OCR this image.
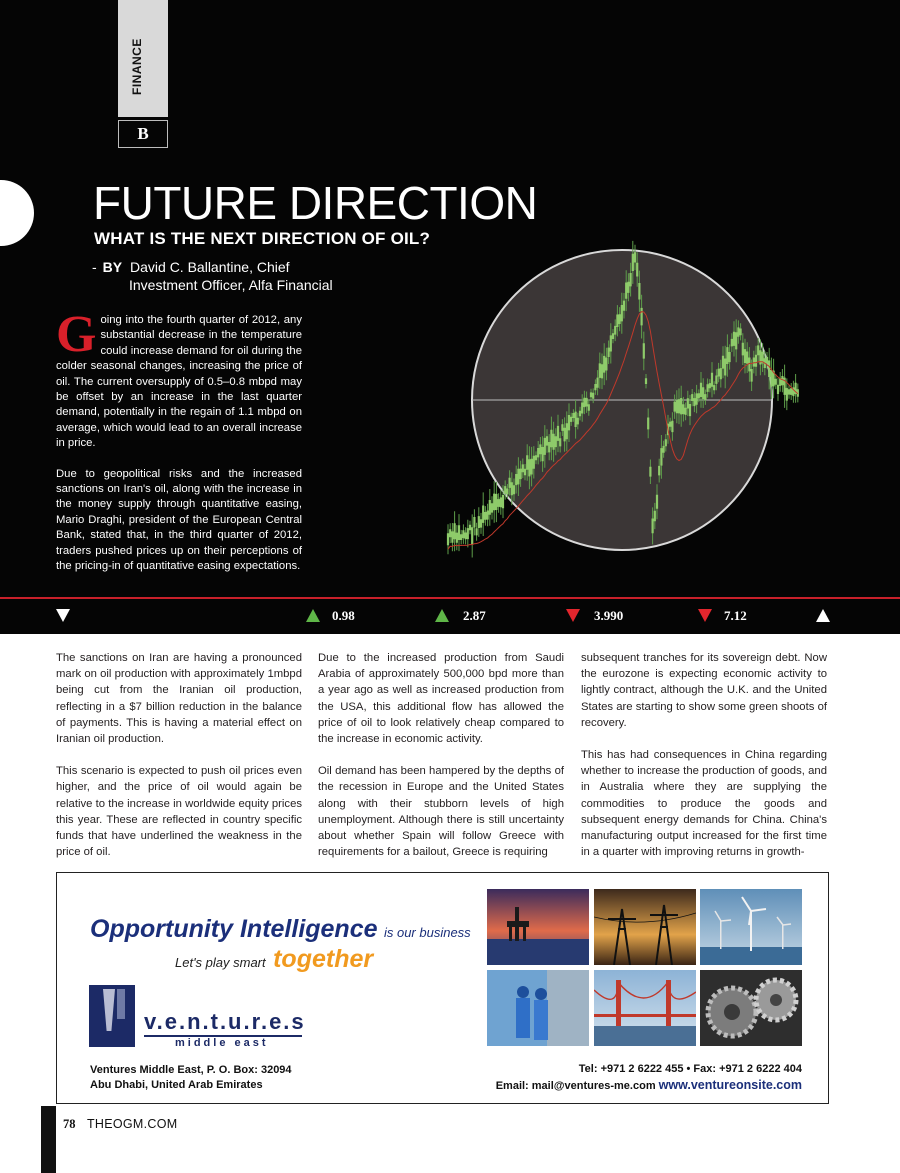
FINANCE
B
FUTURE DIRECTION
WHAT IS THE NEXT DIRECTION OF OIL?
- BY David C. Ballantine, Chief
Investment Officer, Alfa Financial

Going into the fourth quarter of 2012, any substantial decrease in the temperature could increase demand for oil during the colder seasonal changes, increasing the price of oil. The current oversupply of 0.5–0.8 mbpd may be offset by an increase in the last quarter demand, potentially in the regain of 1.1 mbpd on average, which would lead to an overall increase in price.

Due to geopolitical risks and the increased sanctions on Iran's oil, along with the increase in the money supply through quantitative easing, Mario Draghi, president of the European Central Bank, stated that, in the third quarter of 2012, traders pushed prices up on their perceptions of the pricing-in of quantitative easing expectations.

0.98	2.87	3.990	7.12

The sanctions on Iran are having a pronounced mark on oil production with approximately 1mbpd being cut from the Iranian oil production, reflecting in a $7 billion reduction in the balance of payments. This is having a material effect on Iranian oil production.

This scenario is expected to push oil prices even higher, and the price of oil would again be relative to the increase in worldwide equity prices this year. These are reflected in country specific funds that have underlined the weakness in the price of oil.

Due to the increased production from Saudi Arabia of approximately 500,000 bpd more than a year ago as well as increased production from the USA, this additional flow has allowed the price of oil to look relatively cheap compared to the increase in economic activity.

Oil demand has been hampered by the depths of the recession in Europe and the United States along with their stubborn levels of high unemployment. Although there is still uncertainty about whether Spain will follow Greece with requirements for a bailout, Greece is requiring

subsequent tranches for its sovereign debt. Now the eurozone is expecting economic activity to lightly contract, although the U.K. and the United States are starting to show some green shoots of recovery.

This has had consequences in China regarding whether to increase the production of goods, and in Australia where they are supplying the commodities to produce the goods and subsequent energy demands for China. China's manufacturing output increased for the first time in a quarter with improving returns in growth-

Opportunity Intelligence is our business
Let's play smart together
v.e.n.t.u.r.e.s
middle east
Ventures Middle East, P. O. Box: 32094
Abu Dhabi, United Arab Emirates
Tel: +971 2 6222 455 • Fax: +971 2 6222 404
Email: mail@ventures-me.com www.ventureonsite.com
78 THEOGM.COM
